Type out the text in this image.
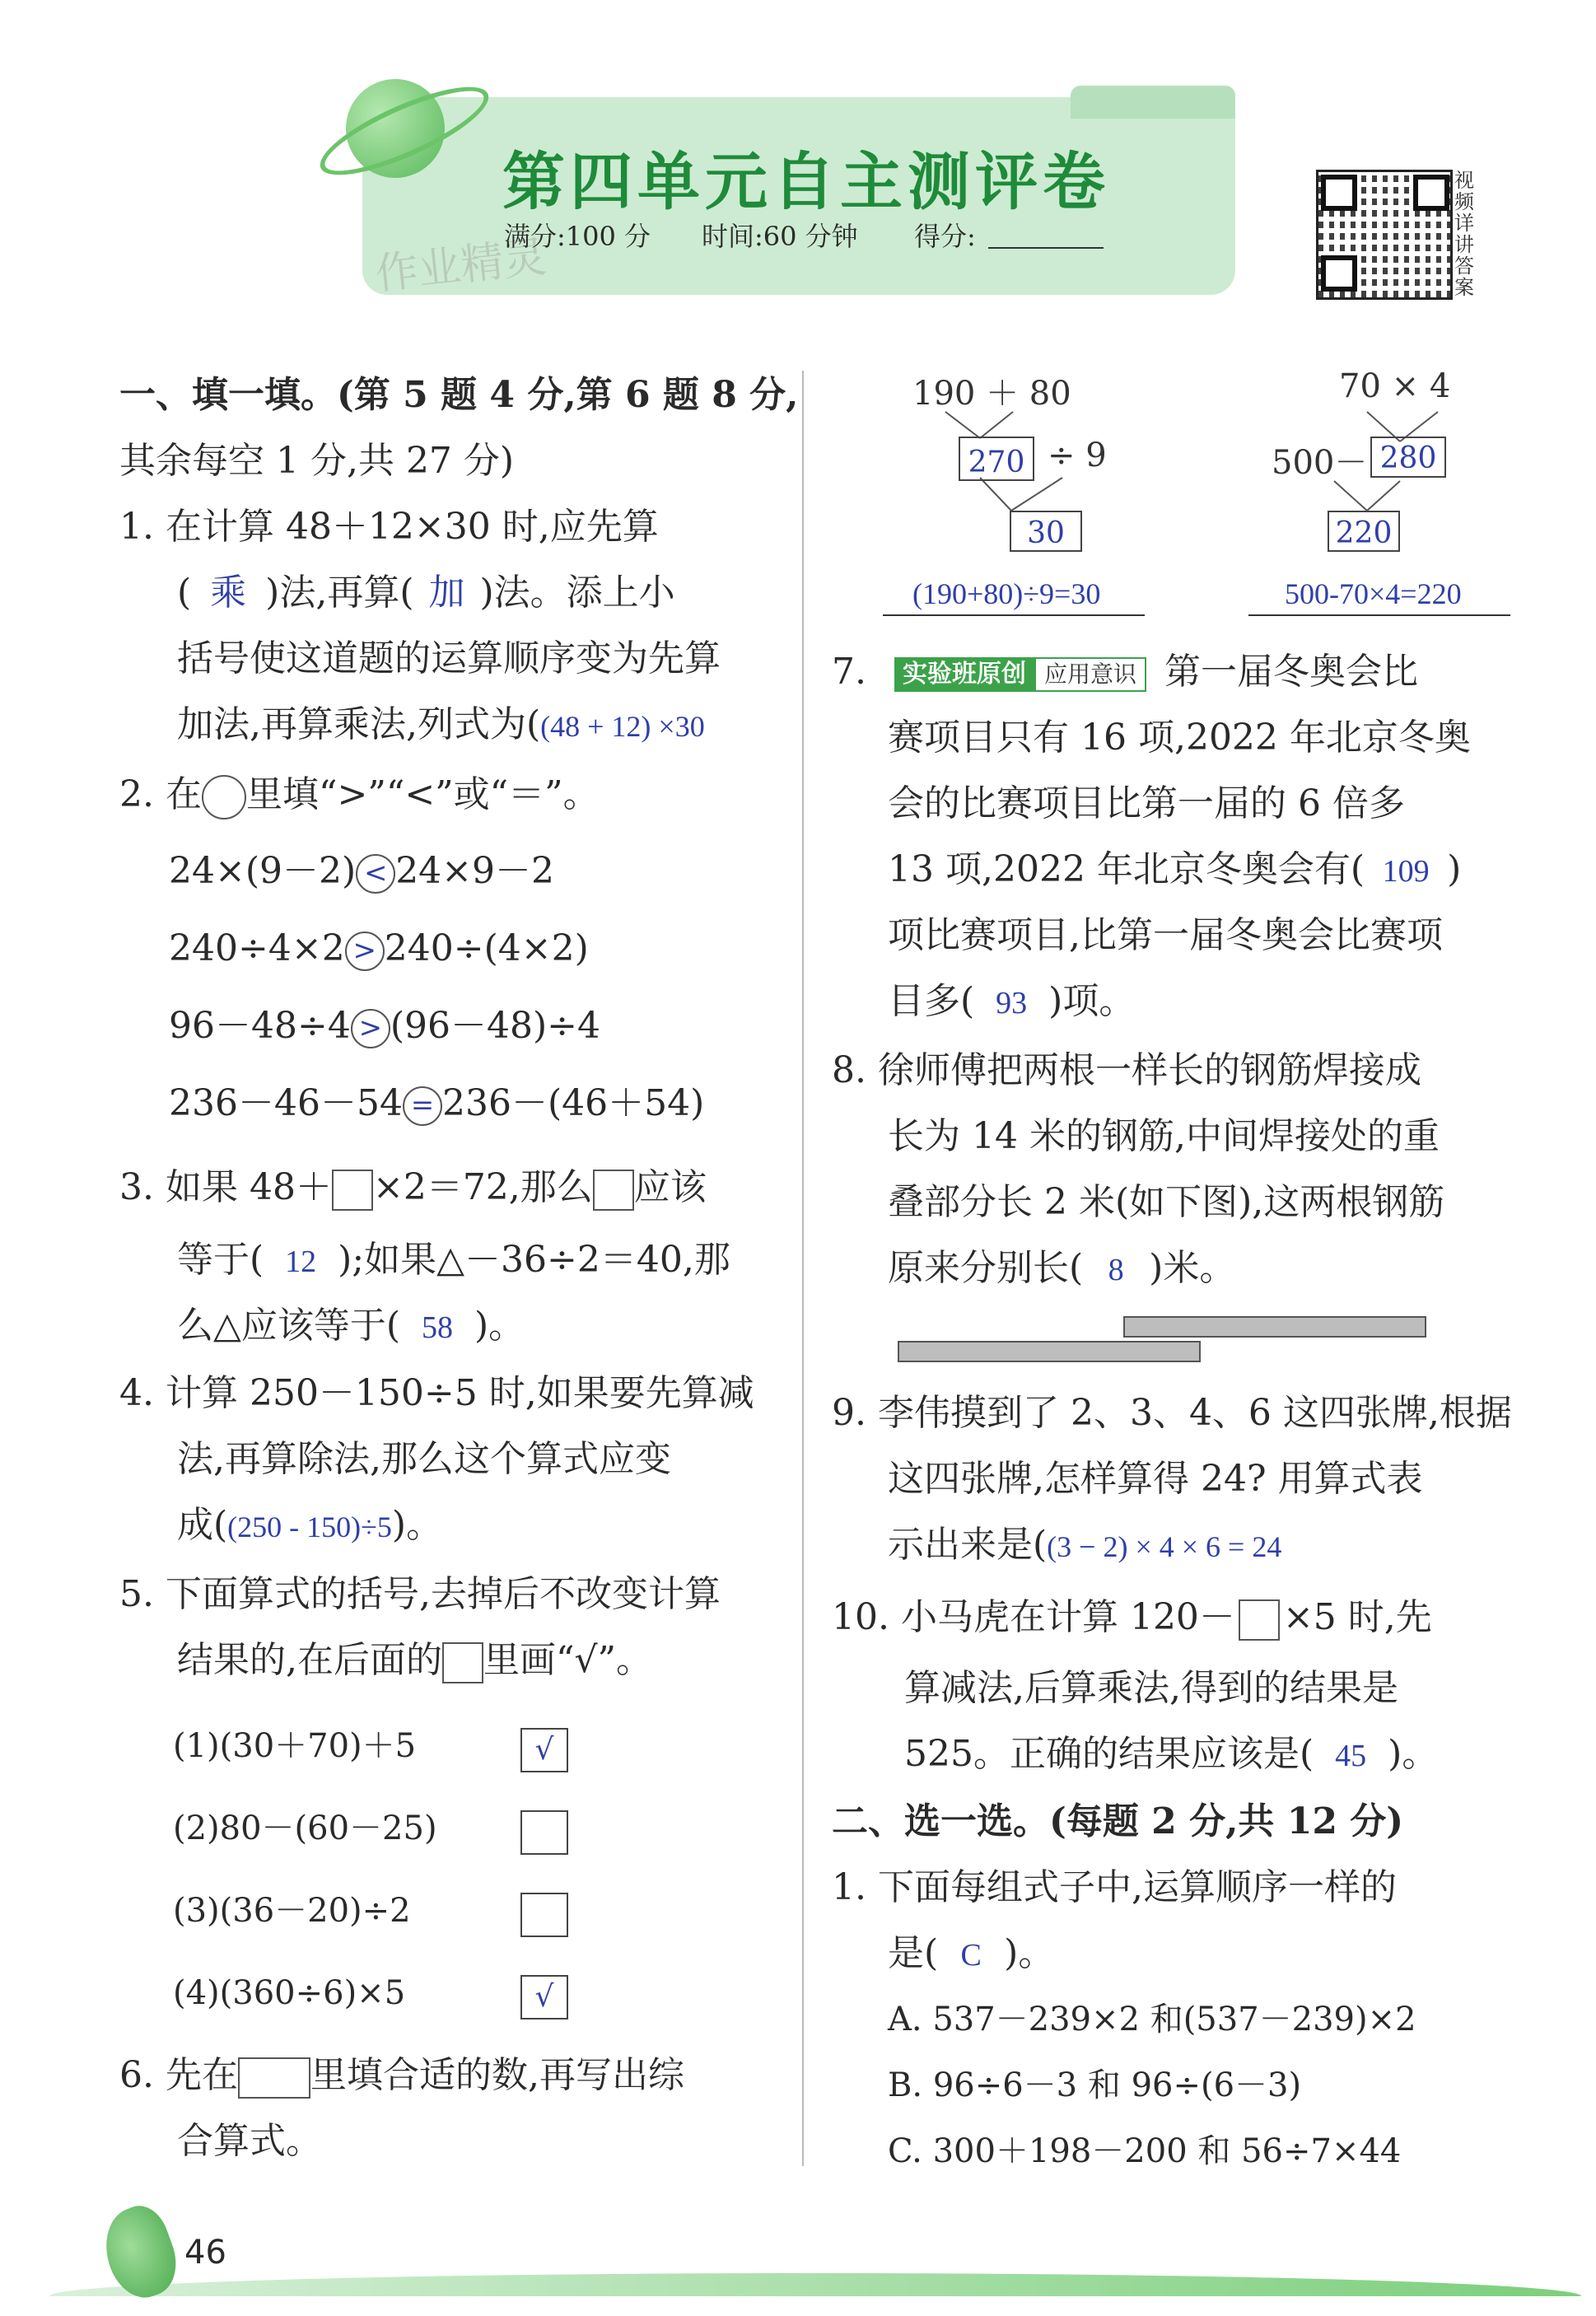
第四单元自主测评卷
作业精灵
满分:100 分 时间:60 分钟 得分:
视频详讲答案
一、填一填。(第 5 题 4 分,第 6 题 8 分,
其余每空 1 分,共 27 分)
1. 在计算 48＋12×30 时,应先算
( 乘 )法,再算( 加 )法。添上小
括号使这道题的运算顺序变为先算
加法,再算乘法,列式为((48 + 12) ×30
2. 在 里填“>”“<”或“＝”。
24×(9－2) < 24×9－2
240÷4×2 > 240÷(4×2)
96－48÷4 > (96－48)÷4
236－46－54 = 236－(46＋54)
3. 如果 48＋ ×2＝72,那么 应该
等于( 12 );如果△－36÷2＝40,那
么△应该等于( 58 )。
4. 计算 250－150÷5 时,如果要先算减
法,再算除法,那么这个算式应变
成((250 - 150)÷5)。
5. 下面算式的括号,去掉后不改变计算
结果的,在后面的 里画“√”。
(1)(30＋70)＋5	√
(2)80－(60－25)
(3)(36－20)÷2
(4)(360÷6)×5	√
6. 先在 里填合适的数,再写出综
合算式。
190 ＋ 80
270 ÷ 9
30
(190+80)÷9=30
70 × 4
500－ 280
220
500-70×4=220
7. 实验班原创 应用意识 第一届冬奥会比
赛项目只有 16 项,2022 年北京冬奥
会的比赛项目比第一届的 6 倍多
13 项,2022 年北京冬奥会有( 109 )
项比赛项目,比第一届冬奥会比赛项
目多( 93 )项。
8. 徐师傅把两根一样长的钢筋焊接成
长为 14 米的钢筋,中间焊接处的重
叠部分长 2 米(如下图),这两根钢筋
原来分别长( 8 )米。
9. 李伟摸到了 2、3、4、6 这四张牌,根据
这四张牌,怎样算得 24? 用算式表
示出来是((3 − 2) × 4 × 6 = 24
10. 小马虎在计算 120－ ×5 时,先
算减法,后算乘法,得到的结果是
525。正确的结果应该是( 45 )。
二、选一选。(每题 2 分,共 12 分)
1. 下面每组式子中,运算顺序一样的
是( C )。
A. 537－239×2 和(537－239)×2
B. 96÷6－3 和 96÷(6－3)
C. 300＋198－200 和 56÷7×44
46
